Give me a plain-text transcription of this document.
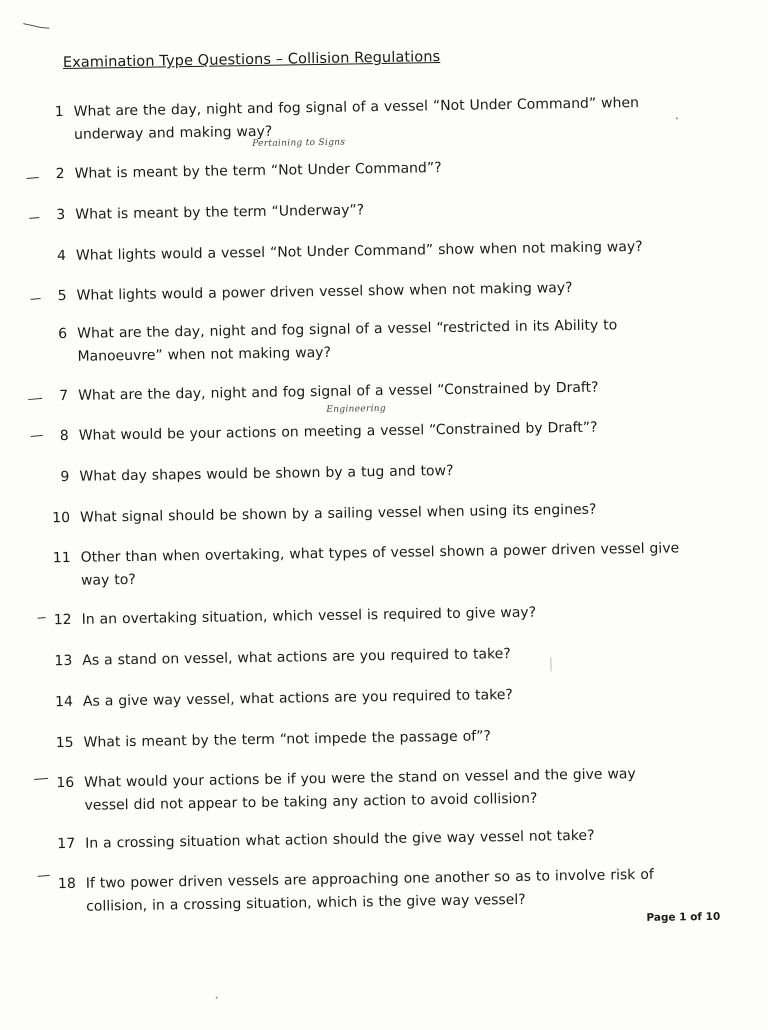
Examination Type Questions – Collision Regulations
1 What are the day, night and fog signal of a vessel “Not Under Command” when underway and making way?
Pertaining to Signs
2 What is meant by the term “Not Under Command”?
3 What is meant by the term “Underway”?
4 What lights would a vessel “Not Under Command” show when not making way?
5 What lights would a power driven vessel show when not making way?
6 What are the day, night and fog signal of a vessel “restricted in its Ability to Manoeuvre” when not making way?
7 What are the day, night and fog signal of a vessel “Constrained by Draft?
Engineering
8 What would be your actions on meeting a vessel “Constrained by Draft”?
9 What day shapes would be shown by a tug and tow?
10 What signal should be shown by a sailing vessel when using its engines?
11 Other than when overtaking, what types of vessel shown a power driven vessel give way to?
12 In an overtaking situation, which vessel is required to give way?
13 As a stand on vessel, what actions are you required to take?
14 As a give way vessel, what actions are you required to take?
15 What is meant by the term “not impede the passage of”?
16 What would your actions be if you were the stand on vessel and the give way vessel did not appear to be taking any action to avoid collision?
17 In a crossing situation what action should the give way vessel not take?
18 If two power driven vessels are approaching one another so as to involve risk of collision, in a crossing situation, which is the give way vessel?
Page 1 of 10
